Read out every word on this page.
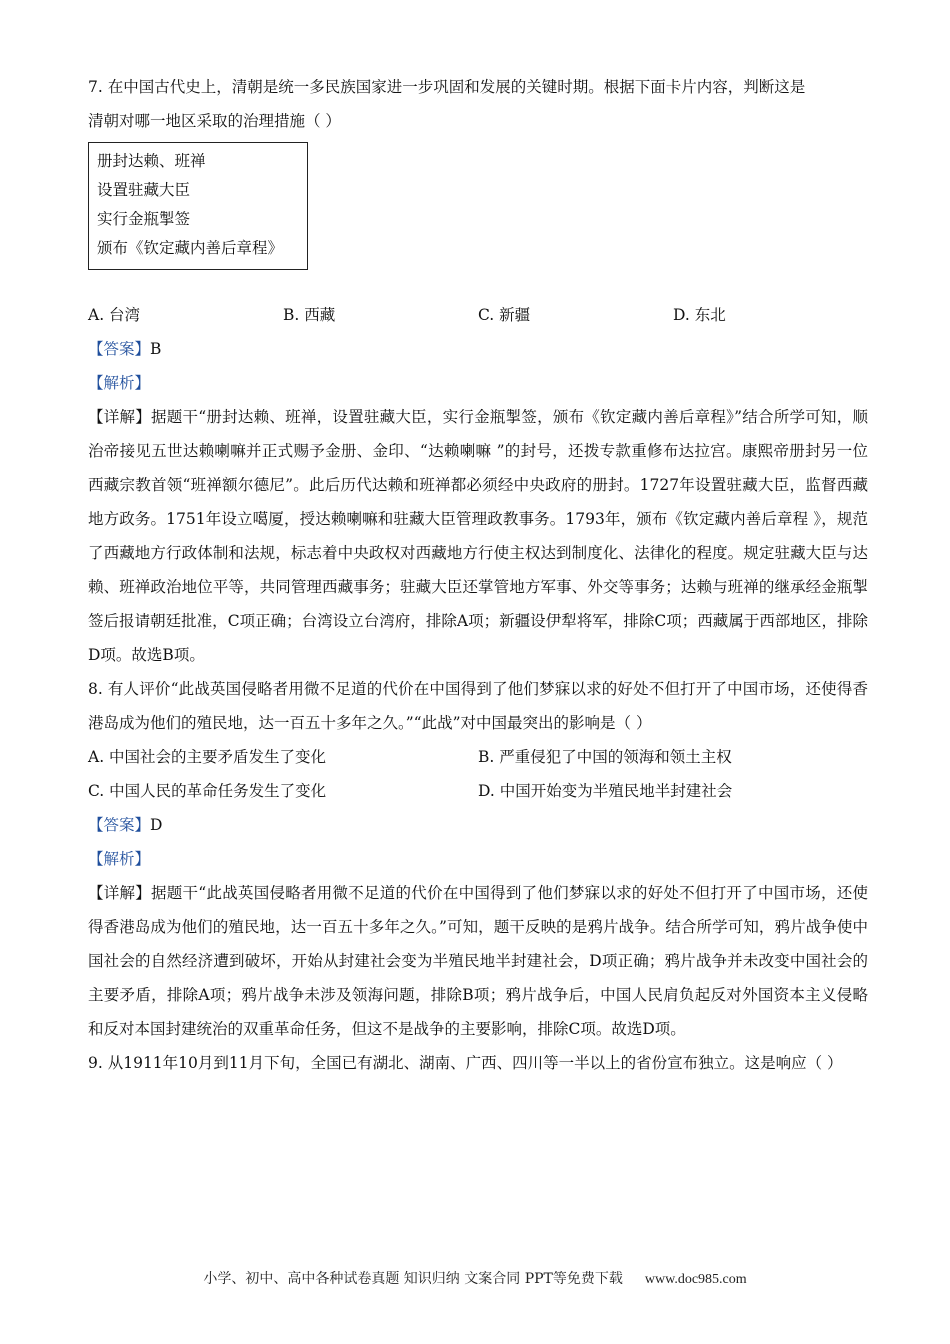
7. 在中国古代史上，清朝是统一多民族国家进一步巩固和发展的关键时期。根据下面卡片内容，判断这是
清朝对哪一地区采取的治理措施（ ）
册封达赖、班禅
设置驻藏大臣
实行金瓶掣签
颁布《钦定藏内善后章程》
A. 台湾	B. 西藏	C. 新疆	D. 东北
【答案】B
【解析】

【详解】据题干“册封达赖、班禅，设置驻藏大臣，实行金瓶掣签，颁布《钦定藏内善后章程》”结合所学可知，顺治帝接见五世达赖喇嘛并正式赐予金册、金印、“达赖喇嘛 ”的封号，还拨专款重修布达拉宫。康熙帝册封另一位西藏宗教首领“班禅额尔德尼”。此后历代达赖和班禅都必须经中央政府的册封。1727年设置驻藏大臣，监督西藏地方政务。1751年设立噶厦，授达赖喇嘛和驻藏大臣管理政教事务。1793年，颁布《钦定藏内善后章程 》，规范了西藏地方行政体制和法规，标志着中央政权对西藏地方行使主权达到制度化、法律化的程度。规定驻藏大臣与达赖、班禅政治地位平等，共同管理西藏事务；驻藏大臣还掌管地方军事、外交等事务；达赖与班禅的继承经金瓶掣签后报请朝廷批准，C项正确；台湾设立台湾府，排除A项；新疆设伊犁将军，排除C项；西藏属于西部地区，排除D项。故选B项。

8. 有人评价“此战英国侵略者用微不足道的代价在中国得到了他们梦寐以求的好处不但打开了中国市场，还使得香港岛成为他们的殖民地，达一百五十多年之久。”“此战”对中国最突出的影响是（ ）

A. 中国社会的主要矛盾发生了变化	B. 严重侵犯了中国的领海和领土主权
C. 中国人民的革命任务发生了变化	D. 中国开始变为半殖民地半封建社会
【答案】D
【解析】

【详解】据题干“此战英国侵略者用微不足道的代价在中国得到了他们梦寐以求的好处不但打开了中国市场，还使得香港岛成为他们的殖民地，达一百五十多年之久。”可知，题干反映的是鸦片战争。结合所学可知，鸦片战争使中国社会的自然经济遭到破坏，开始从封建社会变为半殖民地半封建社会，D项正确；鸦片战争并未改变中国社会的主要矛盾，排除A项；鸦片战争未涉及领海问题，排除B项；鸦片战争后，中国人民肩负起反对外国资本主义侵略和反对本国封建统治的双重革命任务，但这不是战争的主要影响，排除C项。故选D项。

9. 从1911年10月到11月下旬，全国已有湖北、湖南、广西、四川等一半以上的省份宣布独立。这是响应（ ）

小学、初中、高中各种试卷真题 知识归纳 文案合同 PPT等免费下载 www.doc985.com
